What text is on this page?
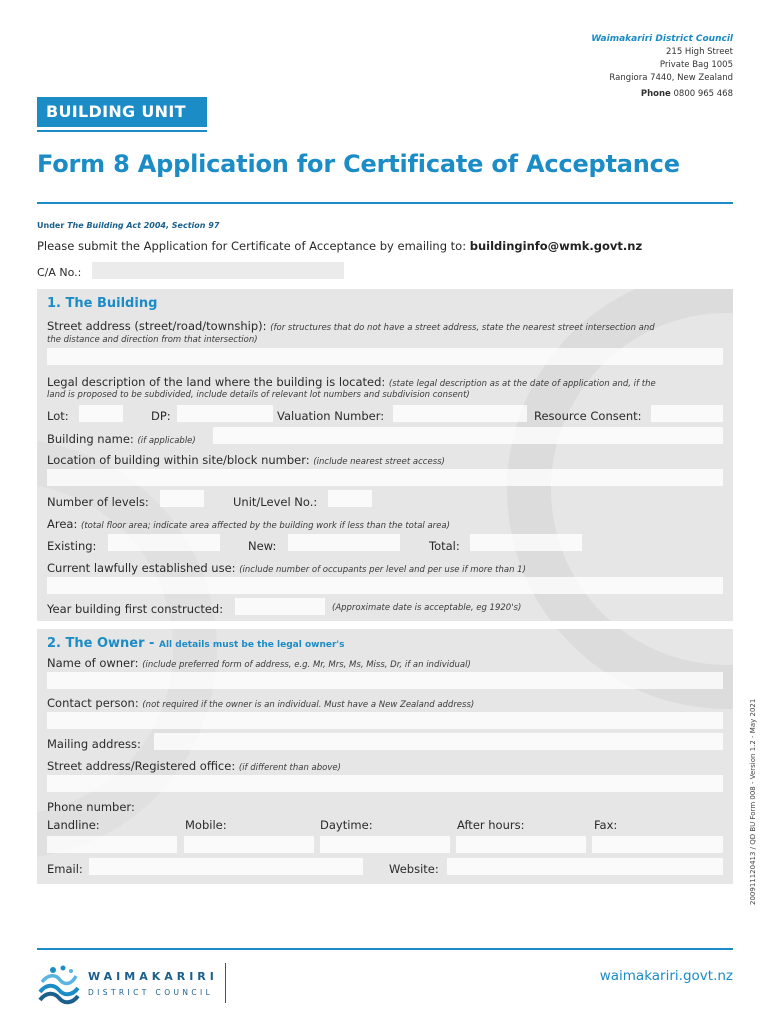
Waimakariri District Council
215 High Street
Private Bag 1005
Rangiora 7440, New Zealand
Phone 0800 965 468
BUILDING UNIT
Form 8 Application for Certificate of Acceptance
Under The Building Act 2004, Section 97
Please submit the Application for Certificate of Acceptance by emailing to: buildinginfo@wmk.govt.nz
C/A No.:
1. The Building
Street address (street/road/township): (for structures that do not have a street address, state the nearest street intersection and
the distance and direction from that intersection)
Legal description of the land where the building is located: (state legal description as at the date of application and, if the
land is proposed to be subdivided, include details of relevant lot numbers and subdivision consent)
Lot:	DP:	Valuation Number:	Resource Consent:
Building name: (if applicable)
Location of building within site/block number: (include nearest street access)
Number of levels:	Unit/Level No.:
Area: (total floor area; indicate area affected by the building work if less than the total area)
Existing:	New:	Total:
Current lawfully established use: (include number of occupants per level and per use if more than 1)
Year building first constructed:	(Approximate date is acceptable, eg 1920's)
2. The Owner - All details must be the legal owner's
Name of owner: (include preferred form of address, e.g. Mr, Mrs, Ms, Miss, Dr, if an individual)
Contact person: (not required if the owner is an individual. Must have a New Zealand address)
Mailing address:
Street address/Registered office: (if different than above)
Phone number:
Landline:	Mobile:	Daytime:	After hours:	Fax:
Email:	Website:	200911120413 / QD BU Form 008 - Version 1.2 - May 2021
WAIMAKARIRI
DISTRICT COUNCIL
waimakariri.govt.nz
